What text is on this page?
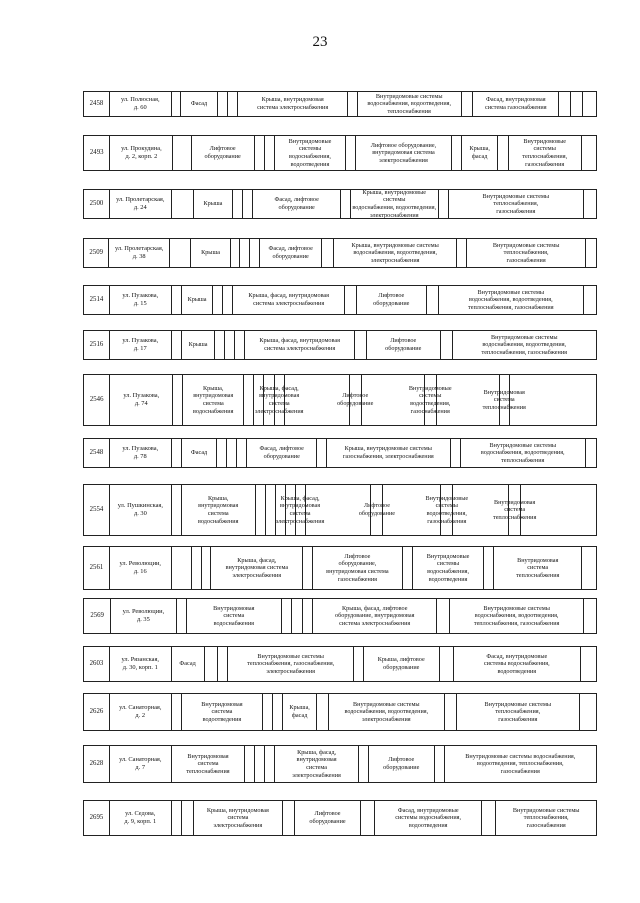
23
2458
ул. Полюсная,
д. 60
Фасад
Крыша, внутридомовая
система электроснабжения
Внутридомовые системы
водоснабжения, водоотведения,
теплоснабжения
Фасад, внутридомовая
система газоснабжения
2493
ул. Прокудина,
д. 2, корп. 2
Лифтовое
оборудование
Внутридомовые
системы
водоснабжения,
водоотведения
Лифтовое оборудование,
внутридомовая система
электроснабжения
Крыша,
фасад
Внутридомовые
системы
теплоснабжения,
газоснабжения
2500
ул. Пролетарская,
д. 24
Крыша
Фасад, лифтовое
оборудование
Крыша, внутридомовые системы
водоснабжения, водоотведения,
электроснабжения
Внутридомовые системы
теплоснабжения,
газоснабжения
2509
ул. Пролетарская,
д. 38
Крыша
Фасад, лифтовое
оборудование
Крыша, внутридомовые системы
водоснабжения, водоотведения,
электроснабжения
Внутридомовые системы
теплоснабжения,
газоснабжения
2514
ул. Пузакова,
д. 15
Крыша
Крыша, фасад, внутридомовая
система электроснабжения
Лифтовое
оборудование
Внутридомовые системы
водоснабжения, водоотведения,
теплоснабжения, газоснабжения
2516
ул. Пузакова,
д. 17
Крыша
Крыша, фасад, внутридомовая
система электроснабжения
Лифтовое
оборудование
Внутридомовые системы
водоснабжения, водоотведения,
теплоснабжения, газоснабжения
2546
ул. Пузакова,
д. 74
Крыша,
внутридомовая
система
водоснабжения
Крыша, фасад,
внутридомовая
система
электроснабжения
Лифтовое
оборудование
Внутридомовые
системы
водоотведения,
газоснабжения
Внутридомовая
система
теплоснабжения
2548
ул. Пузакова,
д. 78
Фасад
Фасад, лифтовое
оборудование
Крыша, внутридомовые системы
газоснабжения, электроснабжения
Внутридомовые системы
водоснабжения, водоотведения,
теплоснабжения
2554
ул. Пушкинская,
д. 30
Крыша,
внутридомовая
система
водоснабжения
Крыша, фасад,
внутридомовая
система
электроснабжения
Лифтовое
оборудование
Внутридомовые
системы
водоотведения,
газоснабжения
Внутридомовая
система
теплоснабжения
2561
ул. Революции,
д. 16
Крыша, фасад,
внутридомовая система
электроснабжения
Лифтовое
оборудование,
внутридомовая система
газоснабжения
Внутридомовые
системы
водоснабжения,
водоотведения
Внутридомовая
система
теплоснабжения
2569
ул. Революции,
д. 35
Внутридомовая
система
водоснабжения
Крыша, фасад, лифтовое
оборудование, внутридомовая
система электроснабжения
Внутридомовые системы
водоснабжения, водоотведения,
теплоснабжения, газоснабжения
2603
ул. Рязанская,
д. 30, корп. 1
Фасад
Внутридомовые системы
теплоснабжения, газоснабжения,
электроснабжения
Крыша, лифтовое
оборудование
Фасад, внутридомовые
системы водоснабжения,
водоотведения
2626
ул. Санаторная,
д. 2
Внутридомовая
система
водоотведения
Крыша,
фасад
Внутридомовые системы
водоснабжения, водоотведения,
электроснабжения
Внутридомовые системы
теплоснабжения,
газоснабжения
2628
ул. Санаторная,
д. 7
Внутридомовая
система
теплоснабжения
Крыша, фасад,
внутридомовая
система
электроснабжения
Лифтовое
оборудование
Внутридомовые системы водоснабжения,
водоотведения, теплоснабжения,
газоснабжения
2695
ул. Седова,
д. 9, корп. 1
Крыша, внутридомовая
система
электроснабжения
Лифтовое
оборудование
Фасад, внутридомовые
системы водоснабжения,
водоотведения
Внутридомовые системы
теплоснабжения,
газоснабжения
